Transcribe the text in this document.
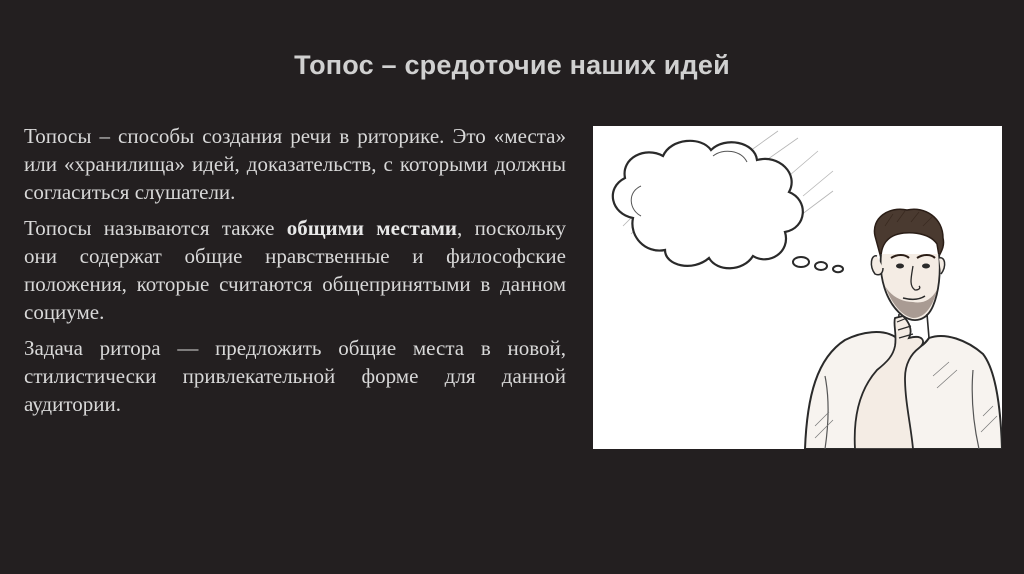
Топос – средоточие наших идей

Топосы – способы создания речи в риторике. Это «места» или «хранилища» идей, доказательств, с которыми должны согласиться слушатели.

Топосы называются также общими местами, поскольку они содержат общие нравственные и философские положения, которые считаются общепринятыми в данном социуме.

Задача ритора — предложить общие места в новой, стилистически привлекательной форме для данной аудитории.
